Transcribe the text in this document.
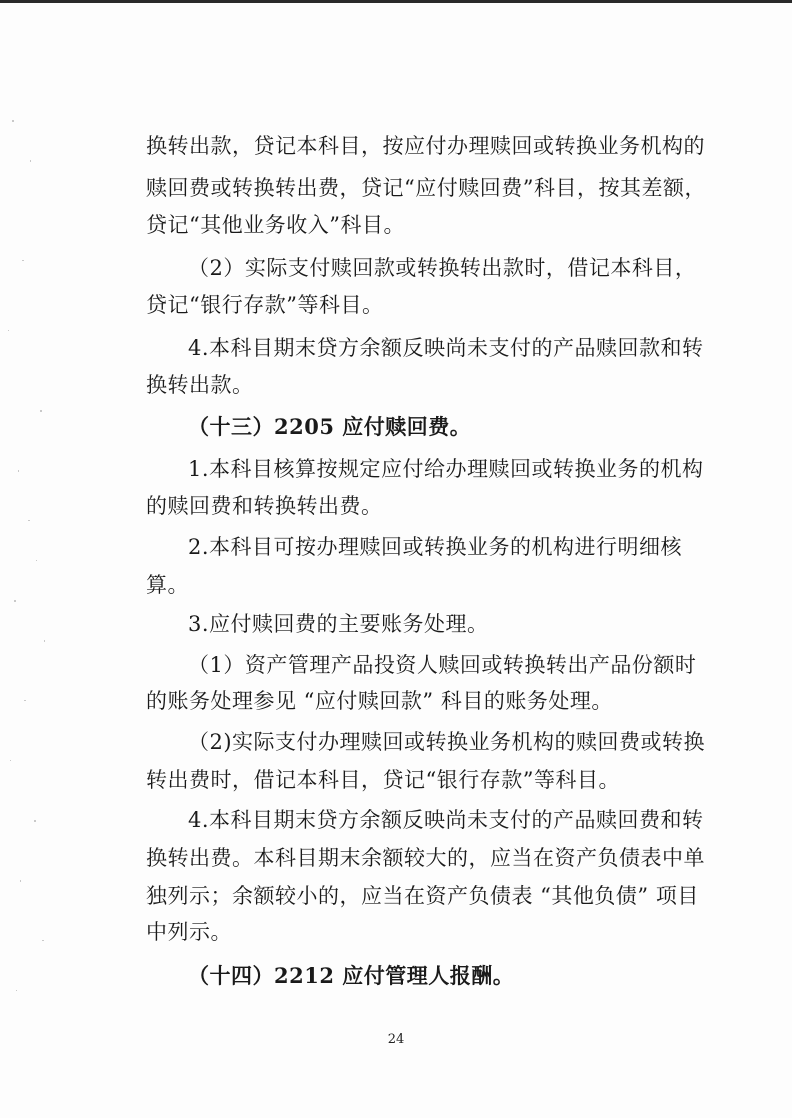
换转出款，贷记本科目，按应付办理赎回或转换业务机构的
赎回费或转换转出费，贷记“应付赎回费”科目，按其差额，
贷记“其他业务收入”科目。
（2）实际支付赎回款或转换转出款时，借记本科目，
贷记“银行存款”等科目。
4.本科目期末贷方余额反映尚未支付的产品赎回款和转
换转出款。
（十三）2205 应付赎回费。
1.本科目核算按规定应付给办理赎回或转换业务的机构
的赎回费和转换转出费。
2.本科目可按办理赎回或转换业务的机构进行明细核
算。
3.应付赎回费的主要账务处理。
（1）资产管理产品投资人赎回或转换转出产品份额时
的账务处理参见 “应付赎回款” 科目的账务处理。
（2)实际支付办理赎回或转换业务机构的赎回费或转换
转出费时，借记本科目，贷记“银行存款”等科目。
4.本科目期末贷方余额反映尚未支付的产品赎回费和转
换转出费。本科目期末余额较大的，应当在资产负债表中单
独列示；余额较小的，应当在资产负债表 “其他负债” 项目
中列示。
（十四）2212 应付管理人报酬。
24
